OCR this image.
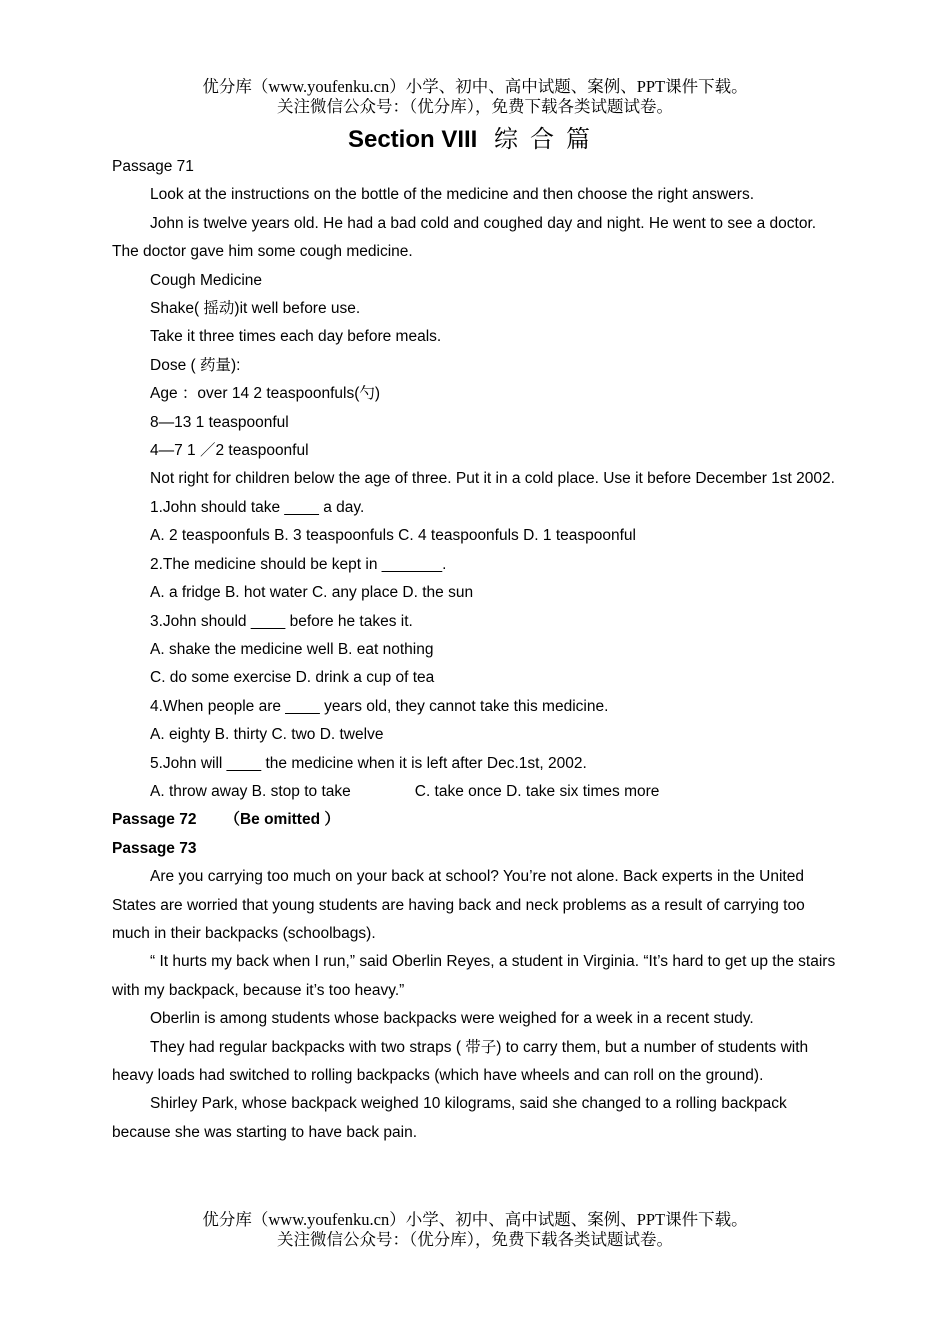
优分库（www.youfenku.cn）小学、初中、高中试题、案例、PPT课件下载。
关注微信公众号：（优分库），免费下载各类试题试卷。
Section VIII 综合篇

Passage 71

Look at the instructions on the bottle of the medicine and then choose the right answers.

John is twelve years old. He had a bad cold and coughed day and night. He went to see a doctor. The doctor gave him some cough medicine.

Cough Medicine

Shake( 摇动)it well before use.

Take it three times each day before meals.

Dose ( 药量):

Age ：over 14 2 teaspoonfuls(勺)

8—13 1 teaspoonful

4—7 1 ／2 teaspoonful

Not right for children below the age of three. Put it in a cold place. Use it before December 1st 2002.

1.John should take ____ a day.

A. 2 teaspoonfuls B. 3 teaspoonfuls C. 4 teaspoonfuls D. 1 teaspoonful

2.The medicine should be kept in _______.

A. a fridge B. hot water C. any place D. the sun

3.John should ____ before he takes it.

A. shake the medicine well B. eat nothing

C. do some exercise D. drink a cup of tea

4.When people are ____ years old, they cannot take this medicine.

A. eighty B. thirty C. two D. twelve

5.John will ____ the medicine when it is left after Dec.1st, 2002.

A. throw away B. stop to take	C. take once D. take six times more

Passage 72 （Be omitted ）

Passage 73

Are you carrying too much on your back at school? You’re not alone. Back experts in the United States are worried that young students are having back and neck problems as a result of carrying too much in their backpacks (schoolbags).

“ It hurts my back when I run,” said Oberlin Reyes, a student in Virginia. “It’s hard to get up the stairs with my backpack, because it’s too heavy.”

Oberlin is among students whose backpacks were weighed for a week in a recent study.

They had regular backpacks with two straps ( 带子) to carry them, but a number of students with heavy loads had switched to rolling backpacks (which have wheels and can roll on the ground).

Shirley Park, whose backpack weighed 10 kilograms, said she changed to a rolling backpack because she was starting to have back pain.

优分库（www.youfenku.cn）小学、初中、高中试题、案例、PPT课件下载。
关注微信公众号：（优分库），免费下载各类试题试卷。
